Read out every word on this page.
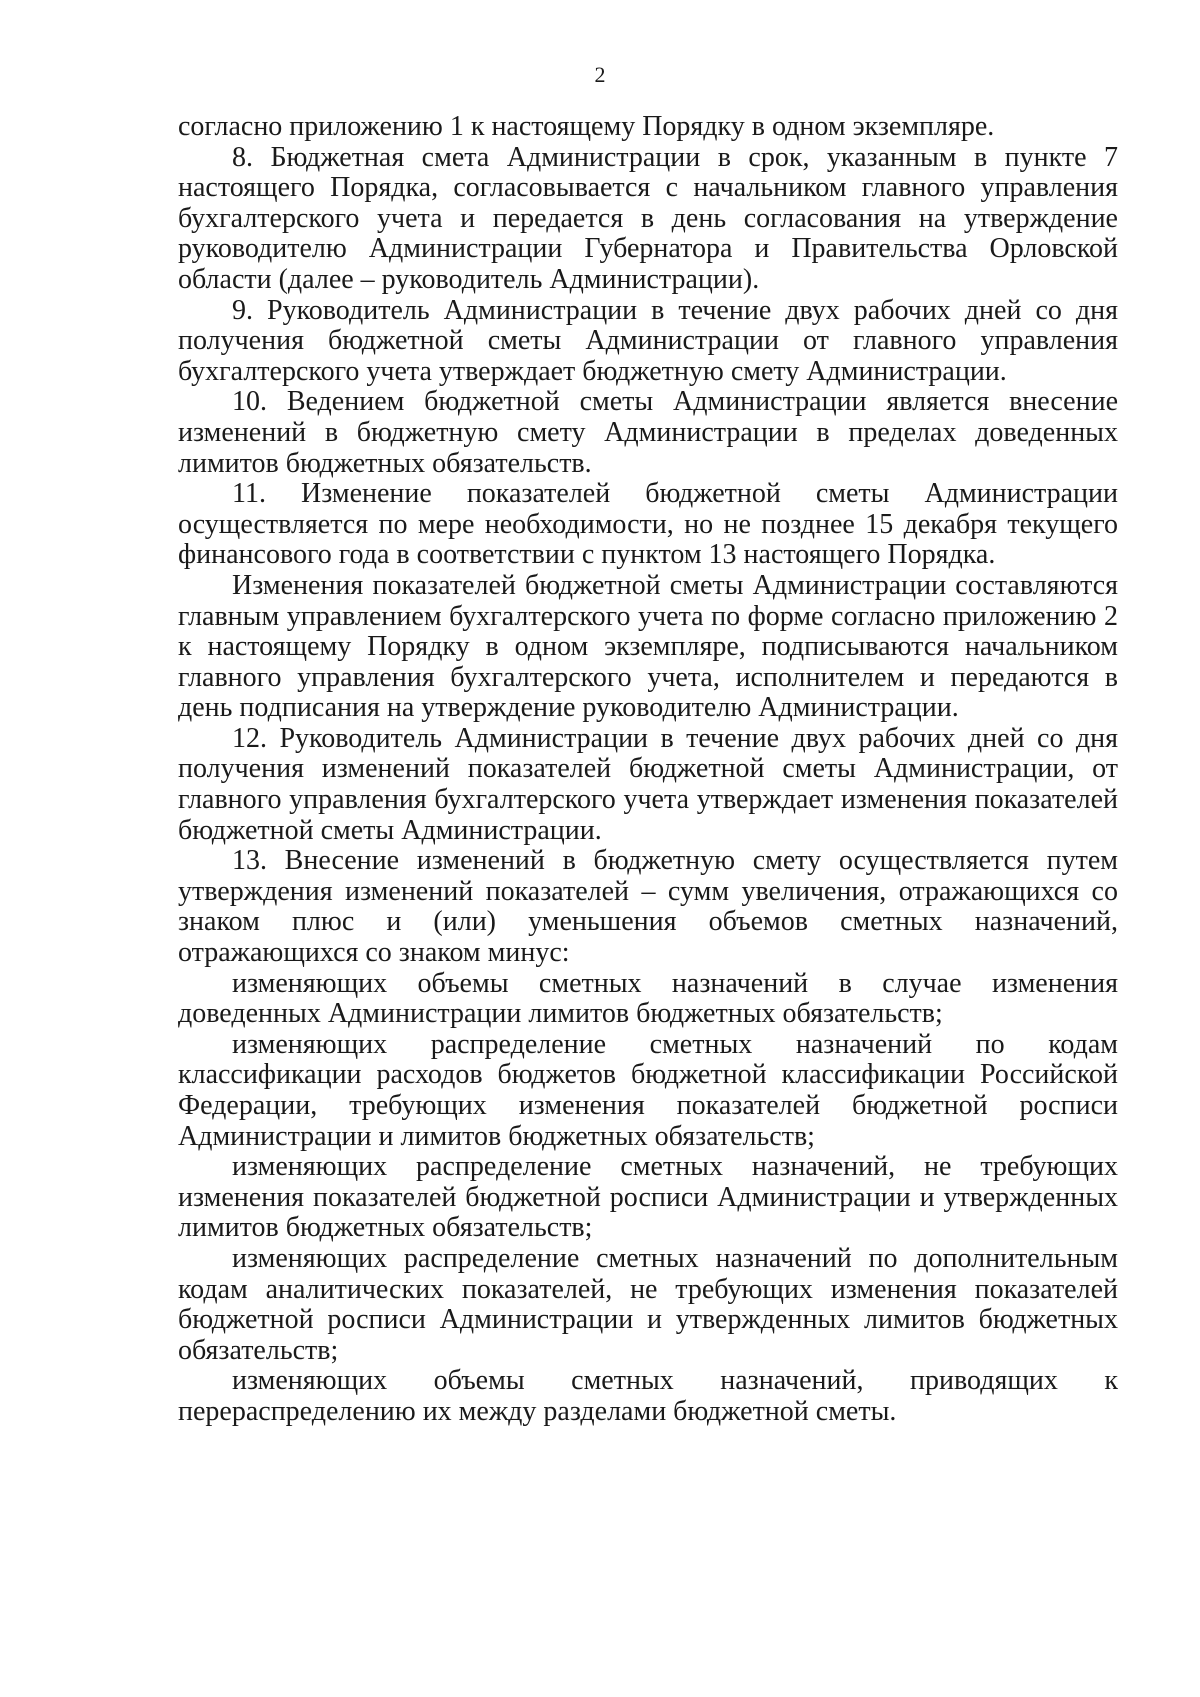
2

согласно приложению 1 к настоящему Порядку в одном экземпляре.

8. Бюджетная смета Администрации в срок, указанным в пункте 7 настоящего Порядка, согласовывается с начальником главного управления бухгалтерского учета и передается в день согласования на утверждение руководителю Администрации Губернатора и Правительства Орловской области (далее – руководитель Администрации).

9. Руководитель Администрации в течение двух рабочих дней со дня получения бюджетной сметы Администрации от главного управления бухгалтерского учета утверждает бюджетную смету Администрации.

10. Ведением бюджетной сметы Администрации является внесение изменений в бюджетную смету Администрации в пределах доведенных лимитов бюджетных обязательств.

11. Изменение показателей бюджетной сметы Администрации осуществляется по мере необходимости, но не позднее 15 декабря текущего финансового года в соответствии с пунктом 13 настоящего Порядка.

Изменения показателей бюджетной сметы Администрации составляются главным управлением бухгалтерского учета по форме согласно приложению 2 к настоящему Порядку в одном экземпляре, подписываются начальником главного управления бухгалтерского учета, исполнителем и передаются в день подписания на утверждение руководителю Администрации.

12. Руководитель Администрации в течение двух рабочих дней со дня получения изменений показателей бюджетной сметы Администрации, от главного управления бухгалтерского учета утверждает изменения показателей бюджетной сметы Администрации.

13. Внесение изменений в бюджетную смету осуществляется путем утверждения изменений показателей – сумм увеличения, отражающихся со знаком плюс и (или) уменьшения объемов сметных назначений, отражающихся со знаком минус:

изменяющих объемы сметных назначений в случае изменения доведенных Администрации лимитов бюджетных обязательств;

изменяющих распределение сметных назначений по кодам классификации расходов бюджетов бюджетной классификации Российской Федерации, требующих изменения показателей бюджетной росписи Администрации и лимитов бюджетных обязательств;

изменяющих распределение сметных назначений, не требующих изменения показателей бюджетной росписи Администрации и утвержденных лимитов бюджетных обязательств;

изменяющих распределение сметных назначений по дополнительным кодам аналитических показателей, не требующих изменения показателей бюджетной росписи Администрации и утвержденных лимитов бюджетных обязательств;

изменяющих объемы сметных назначений, приводящих к перераспределению их между разделами бюджетной сметы.
